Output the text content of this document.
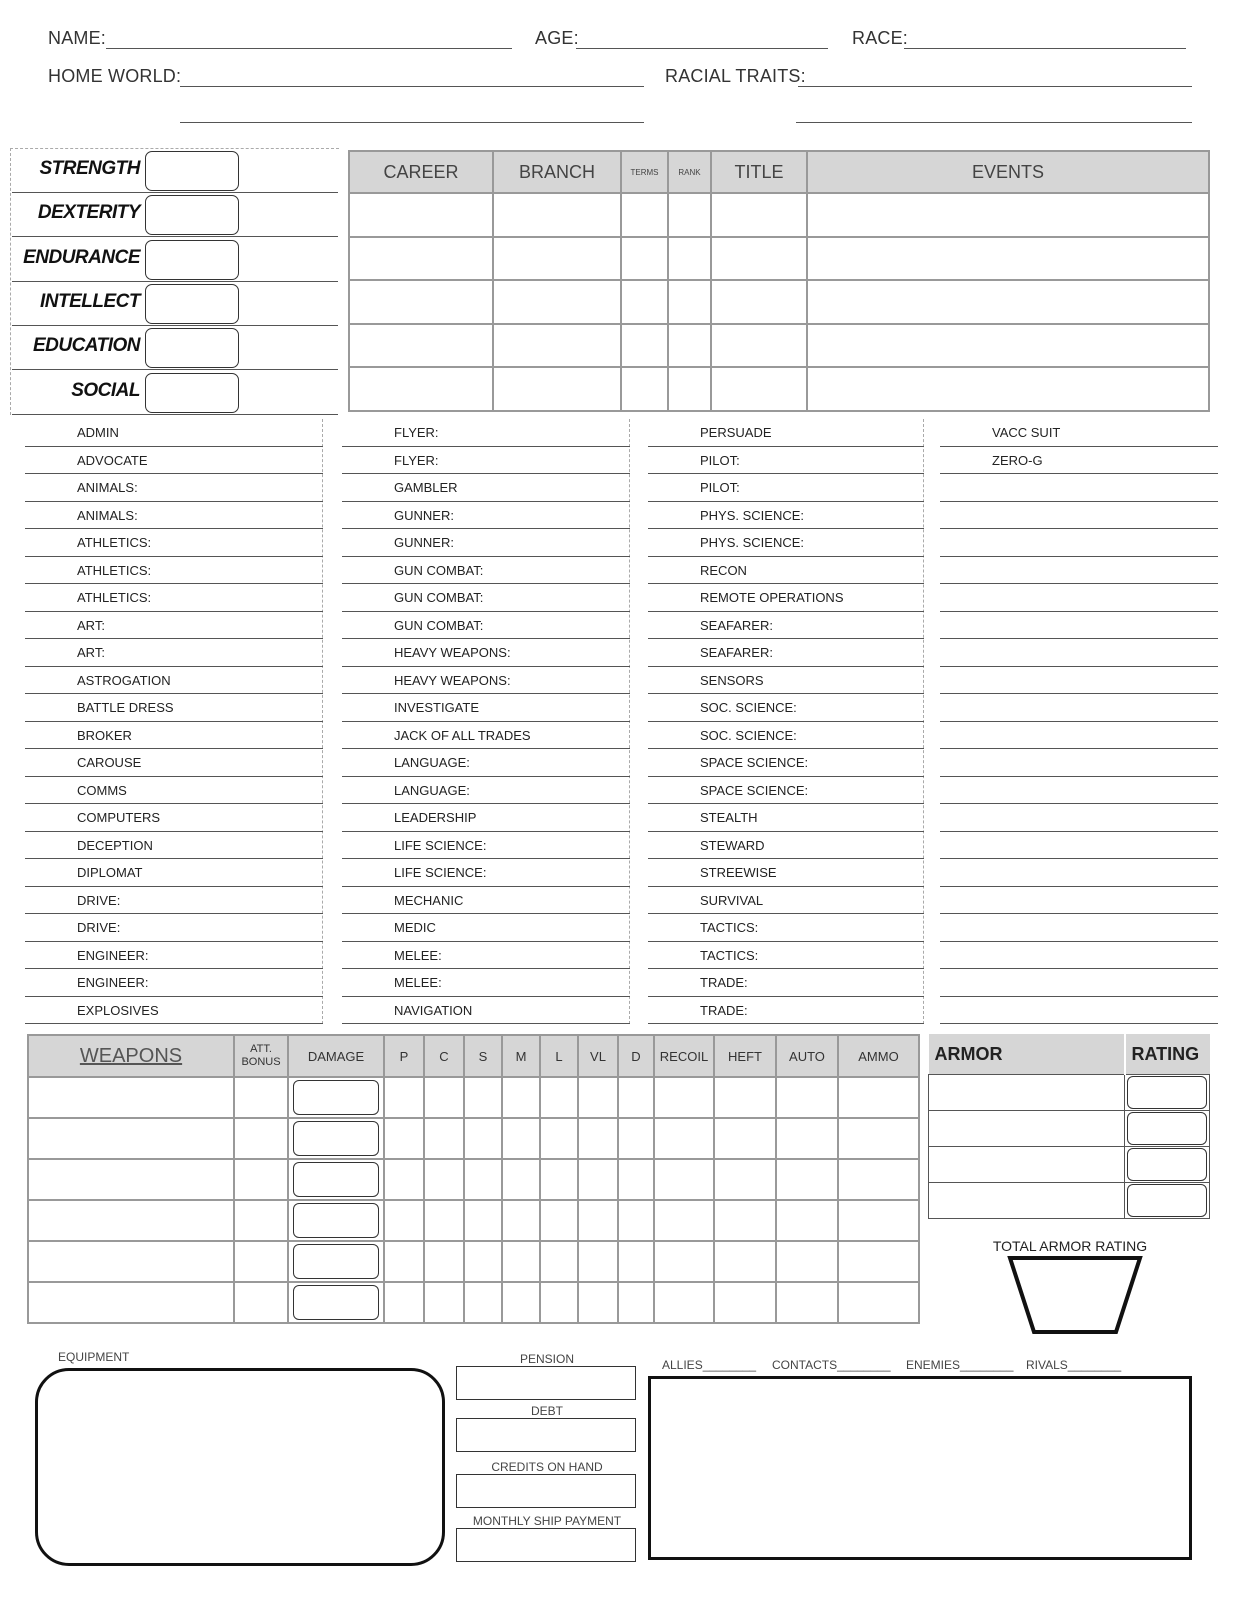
NAME:	AGE:	RACE:
HOME WORLD:	RACIAL TRAITS:
STRENGTH
DEXTERITY
ENDURANCE
INTELLECT
EDUCATION
SOCIAL
CAREER	BRANCH	TERMS	RANK	TITLE	EVENTS

ADMIN
ADVOCATE
ANIMALS:
ANIMALS:
ATHLETICS:
ATHLETICS:
ATHLETICS:
ART:
ART:
ASTROGATION
BATTLE DRESS
BROKER
CAROUSE
COMMS
COMPUTERS
DECEPTION
DIPLOMAT
DRIVE:
DRIVE:
ENGINEER:
ENGINEER:
EXPLOSIVES
FLYER:
FLYER:
GAMBLER
GUNNER:
GUNNER:
GUN COMBAT:
GUN COMBAT:
GUN COMBAT:
HEAVY WEAPONS:
HEAVY WEAPONS:
INVESTIGATE
JACK OF ALL TRADES
LANGUAGE:
LANGUAGE:
LEADERSHIP
LIFE SCIENCE:
LIFE SCIENCE:
MECHANIC
MEDIC
MELEE:
MELEE:
NAVIGATION
PERSUADE
PILOT:
PILOT:
PHYS. SCIENCE:
PHYS. SCIENCE:
RECON
REMOTE OPERATIONS
SEAFARER:
SEAFARER:
SENSORS
SOC. SCIENCE:
SOC. SCIENCE:
SPACE SCIENCE:
SPACE SCIENCE:
STEALTH
STEWARD
STREEWISE
SURVIVAL
TACTICS:
TACTICS:
TRADE:
TRADE:
VACC SUIT
ZERO-G
WEAPONS	ATT.
BONUS	DAMAGE	P	C	S	M	L	VL	D	RECOIL	HEFT	AUTO	AMMO

											ARMOR	RATING

TOTAL ARMOR RATING
EQUIPMENT	PENSION
DEBT
CREDITS ON HAND
MONTHLY SHIP PAYMENT
ALLIES________ CONTACTS________ ENEMIES________ RIVALS________
